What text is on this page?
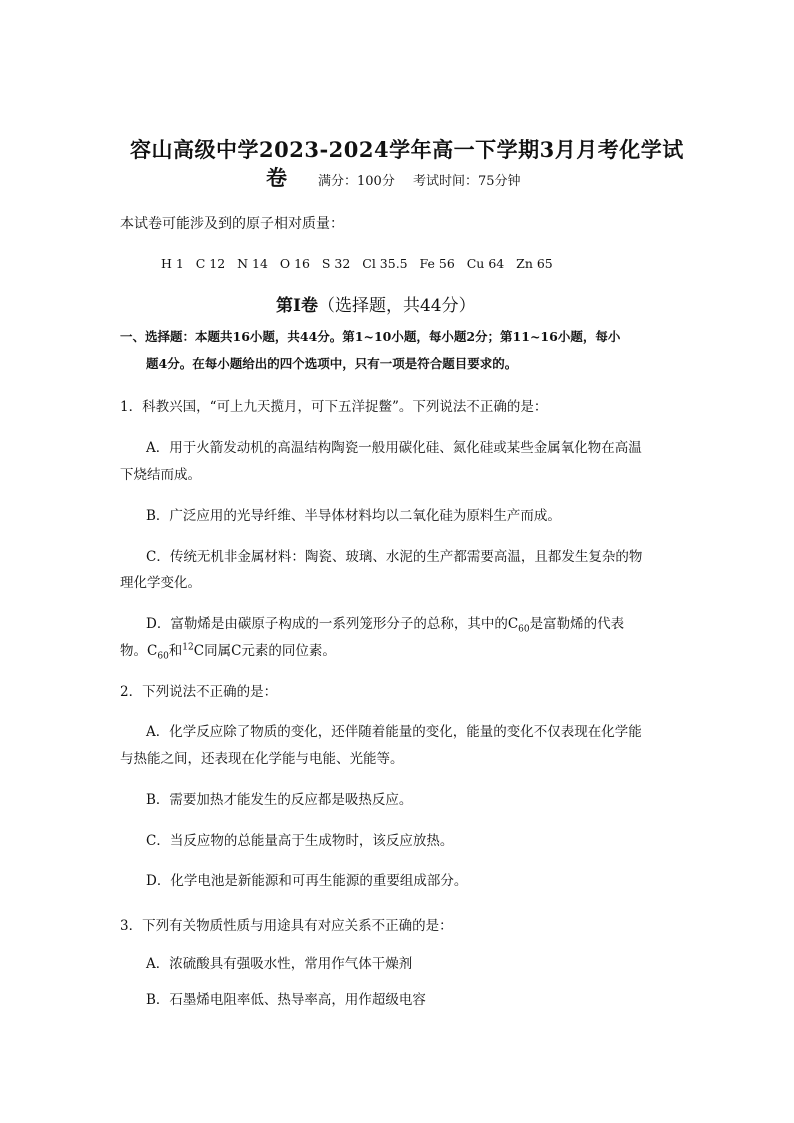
容山高级中学2023-2024学年高一下学期3月月考化学试
卷 满分：100分 考试时间：75分钟
本试卷可能涉及到的原子相对质量：
H 1   C 12   N 14   O 16   S 32   Cl 35.5   Fe 56   Cu 64   Zn 65
第Ⅰ卷（选择题，共44分）
一、选择题：本题共16小题，共44分。第1~10小题，每小题2分；第11~16小题，每小
题4分。在每小题给出的四个选项中，只有一项是符合题目要求的。
1．科教兴国，“可上九天揽月，可下五洋捉鳖”。下列说法不正确的是：
A．用于火箭发动机的高温结构陶瓷一般用碳化硅、氮化硅或某些金属氧化物在高温
下烧结而成。
B．广泛应用的光导纤维、半导体材料均以二氧化硅为原料生产而成。
C．传统无机非金属材料：陶瓷、玻璃、水泥的生产都需要高温，且都发生复杂的物
理化学变化。
D．富勒烯是由碳原子构成的一系列笼形分子的总称，其中的$C_{60}$是富勒烯的代表
物。$C_{60}$和$^{12}$C同属C元素的同位素。
2．下列说法不正确的是：
A．化学反应除了物质的变化，还伴随着能量的变化，能量的变化不仅表现在化学能
与热能之间，还表现在化学能与电能、光能等。
B．需要加热才能发生的反应都是吸热反应。
C．当反应物的总能量高于生成物时，该反应放热。
D．化学电池是新能源和可再生能源的重要组成部分。
3．下列有关物质性质与用途具有对应关系不正确的是：
A．浓硫酸具有强吸水性，常用作气体干燥剂
B．石墨烯电阻率低、热导率高，用作超级电容
